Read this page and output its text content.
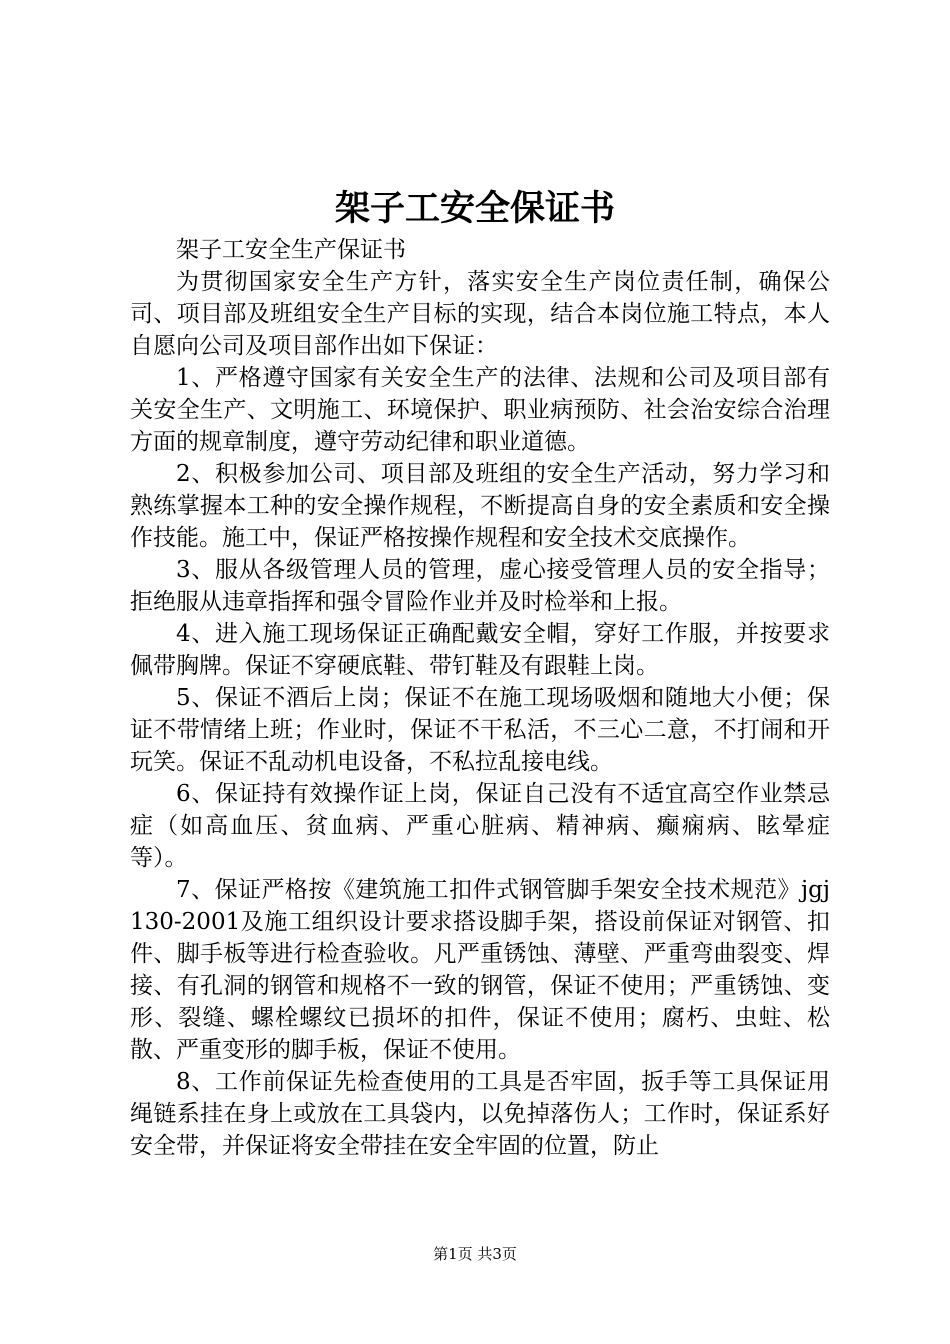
架子工安全保证书

架子工安全生产保证书

为贯彻国家安全生产方针，落实安全生产岗位责任制，确保公司、项目部及班组安全生产目标的实现，结合本岗位施工特点，本人自愿向公司及项目部作出如下保证：

1、严格遵守国家有关安全生产的法律、法规和公司及项目部有关安全生产、文明施工、环境保护、职业病预防、社会治安综合治理方面的规章制度，遵守劳动纪律和职业道德。

2、积极参加公司、项目部及班组的安全生产活动，努力学习和熟练掌握本工种的安全操作规程，不断提高自身的安全素质和安全操作技能。施工中，保证严格按操作规程和安全技术交底操作。

3、服从各级管理人员的管理，虚心接受管理人员的安全指导；拒绝服从违章指挥和强令冒险作业并及时检举和上报。

4、进入施工现场保证正确配戴安全帽，穿好工作服，并按要求佩带胸牌。保证不穿硬底鞋、带钉鞋及有跟鞋上岗。

5、保证不酒后上岗；保证不在施工现场吸烟和随地大小便；保证不带情绪上班；作业时，保证不干私活，不三心二意，不打闹和开玩笑。保证不乱动机电设备，不私拉乱接电线。

6、保证持有效操作证上岗，保证自己没有不适宜高空作业禁忌症（如高血压、贫血病、严重心脏病、精神病、癫痫病、眩晕症等）。

7、保证严格按《建筑施工扣件式钢管脚手架安全技术规范》jgj130-2001及施工组织设计要求搭设脚手架，搭设前保证对钢管、扣件、脚手板等进行检查验收。凡严重锈蚀、薄壁、严重弯曲裂变、焊接、有孔洞的钢管和规格不一致的钢管，保证不使用；严重锈蚀、变形、裂缝、螺栓螺纹已损坏的扣件，保证不使用；腐朽、虫蛀、松散、严重变形的脚手板，保证不使用。

8、工作前保证先检查使用的工具是否牢固，扳手等工具保证用绳链系挂在身上或放在工具袋内，以免掉落伤人；工作时，保证系好安全带，并保证将安全带挂在安全牢固的位置，防止

第1页 共3页
